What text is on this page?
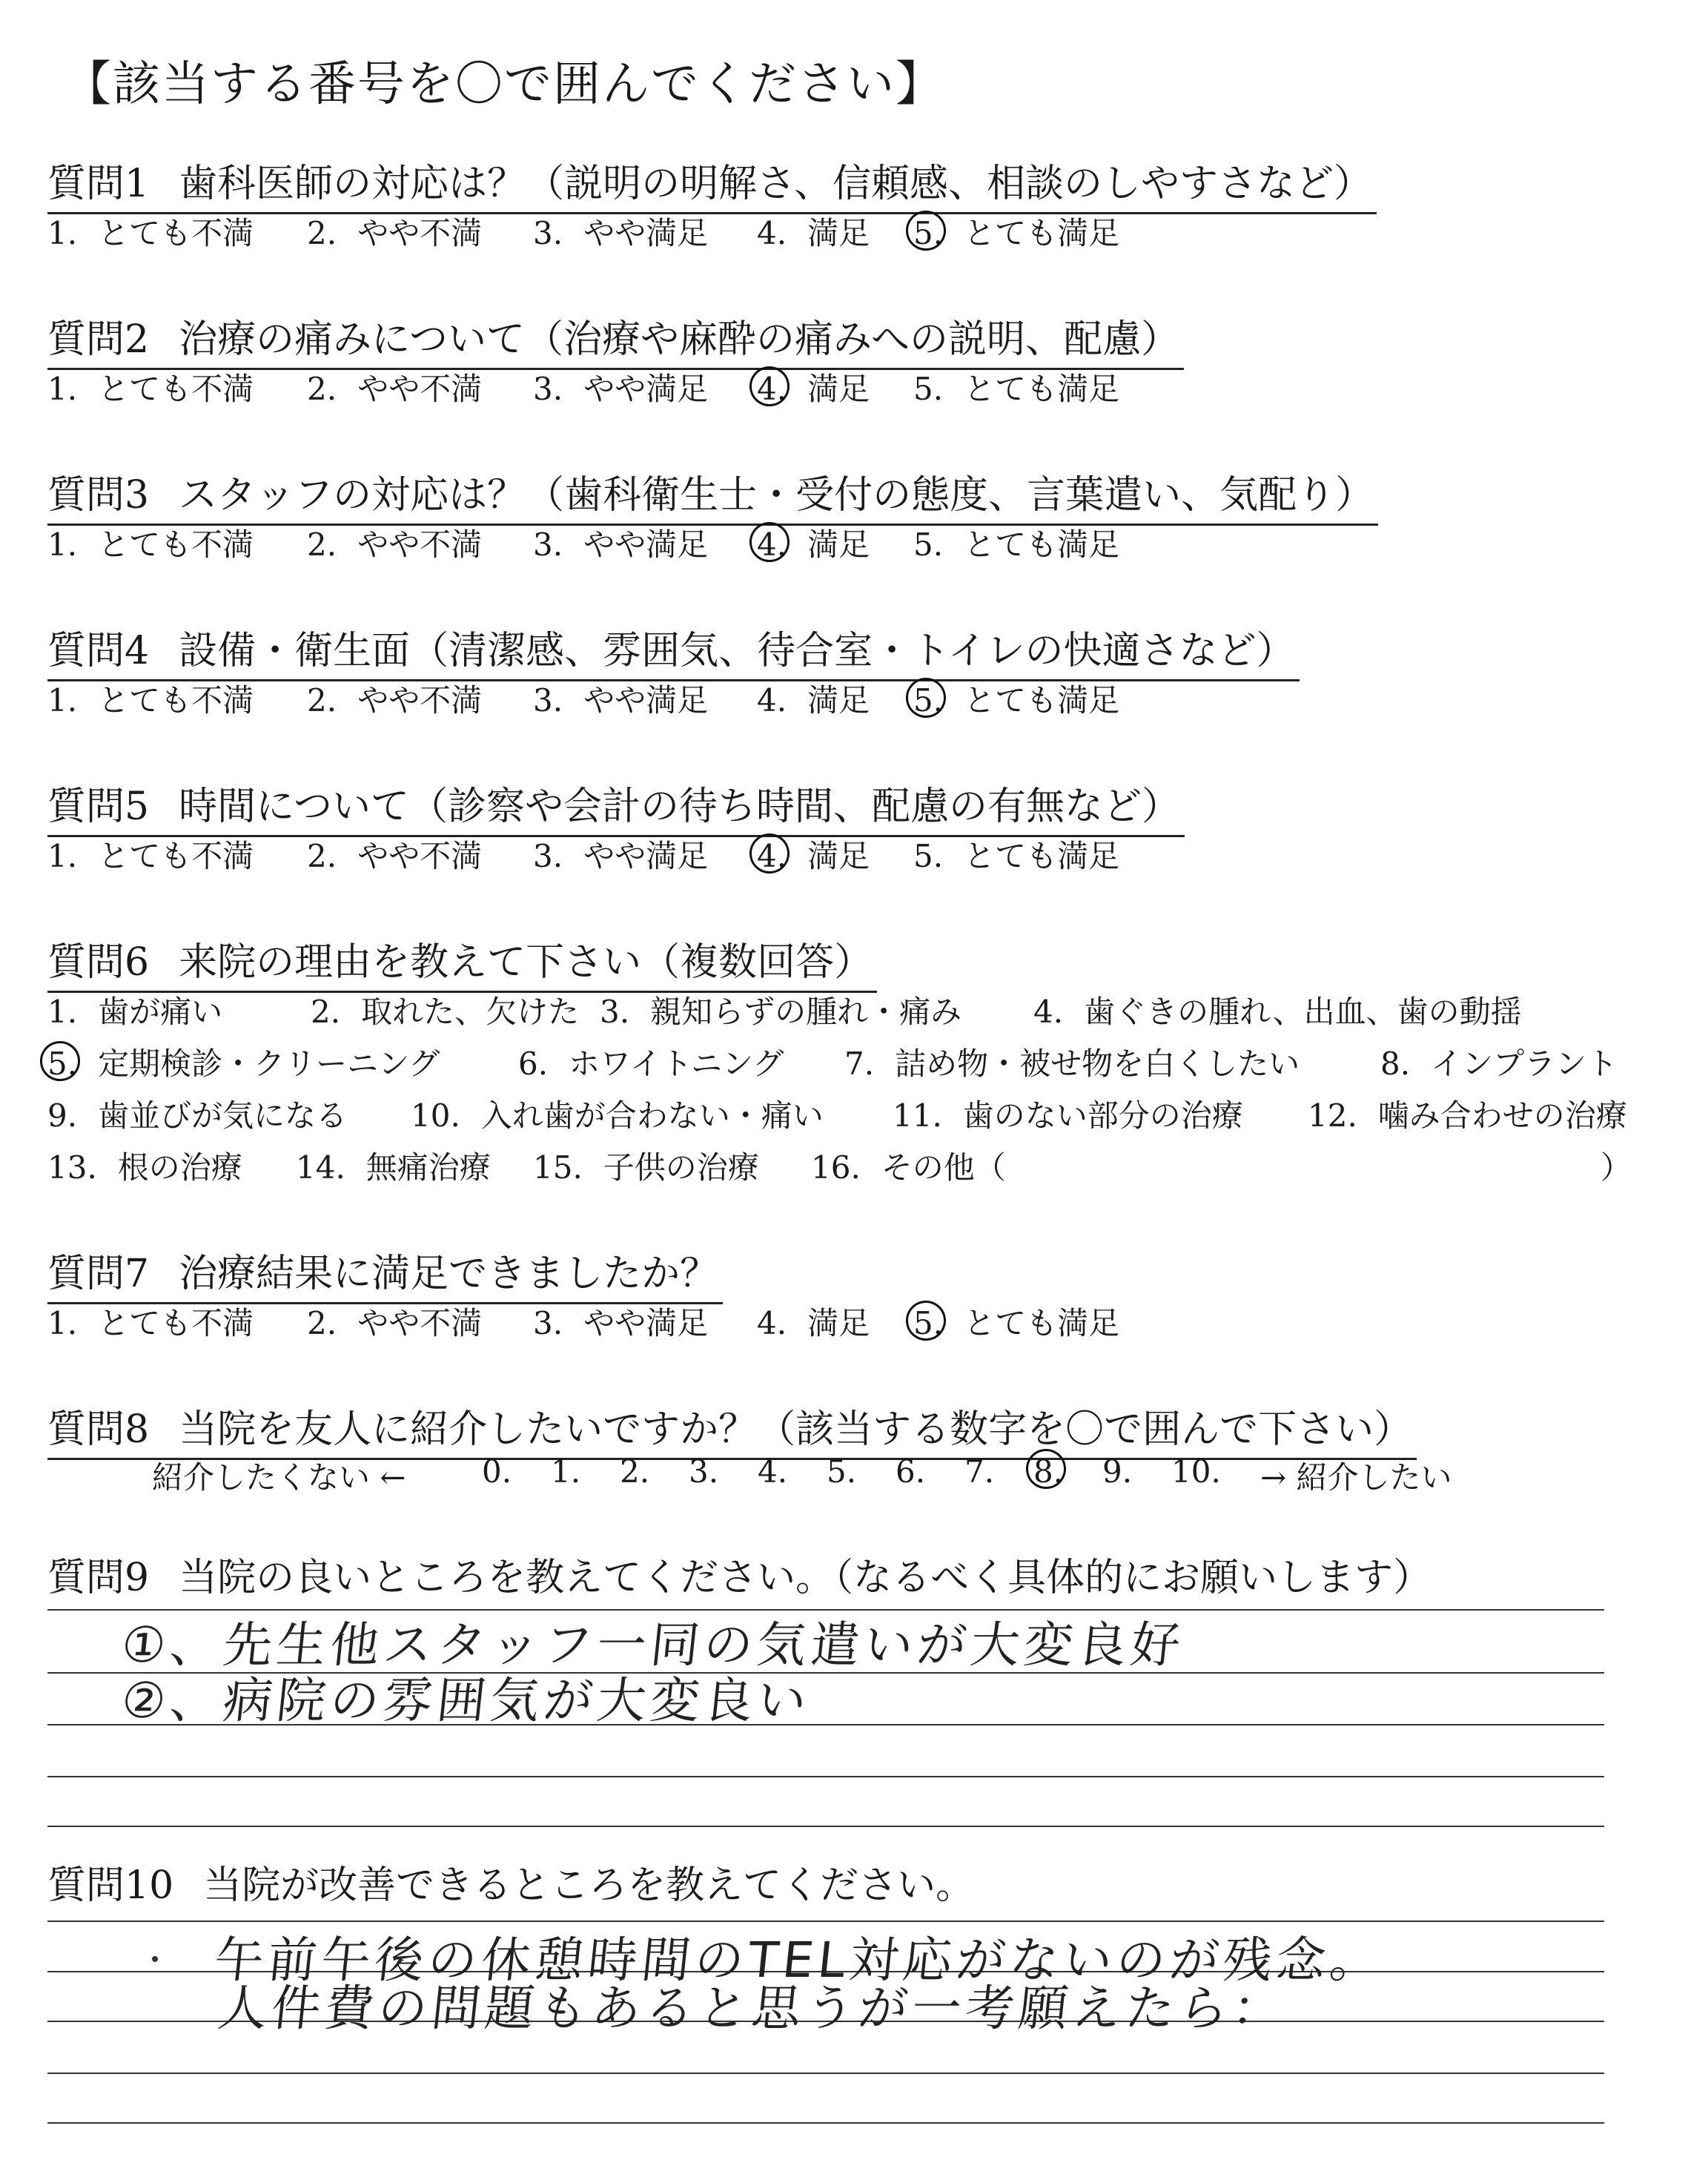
【該当する番号を〇で囲んでください】
質問1 歯科医師の対応は？（説明の明解さ、信頼感、相談のしやすさなど）
1. とても不満 2. やや不満 3. やや満足 4. 満足 5. とても満足
質問2 治療の痛みについて（治療や麻酔の痛みへの説明、配慮）
1. とても不満 2. やや不満 3. やや満足 4. 満足 5. とても満足
質問3 スタッフの対応は？（歯科衛生士・受付の態度、言葉遣い、気配り）
1. とても不満 2. やや不満 3. やや満足 4. 満足 5. とても満足
質問4 設備・衛生面（清潔感、雰囲気、待合室・トイレの快適さなど）
1. とても不満 2. やや不満 3. やや満足 4. 満足 5. とても満足
質問5 時間について（診察や会計の待ち時間、配慮の有無など）
1. とても不満 2. やや不満 3. やや満足 4. 満足 5. とても満足
質問6 来院の理由を教えて下さい（複数回答）
1. 歯が痛い	2. 取れた、欠けた 3. 親知らずの腫れ・痛み 4. 歯ぐきの腫れ、出血、歯の動揺
5. 定期検診・クリーニング	6. ホワイトニング 7. 詰め物・被せ物を白くしたい	8. インプラント
9. 歯並びが気になる 10. 入れ歯が合わない・痛い 11. 歯のない部分の治療 12. 噛み合わせの治療
13. 根の治療 14. 無痛治療 15. 子供の治療 16. その他（	）
質問7 治療結果に満足できましたか？
1. とても不満 2. やや不満 3. やや満足 4. 満足 5. とても満足
質問8 当院を友人に紹介したいですか？（該当する数字を〇で囲んで下さい）
紹介したくない ← 0. 1. 2. 3. 4. 5. 6. 7. 8. 9. 10. → 紹介したい
質問9 当院の良いところを教えてください。（なるべく具体的にお願いします）
①、先生他スタッフ一同の気遣いが大変良好
②、病院の雰囲気が大変良い
質問10 当院が改善できるところを教えてください。
午前午後の休憩時間のTEL対応がないのが残念。
人件費の問題もあると思うが一考願えたら：
